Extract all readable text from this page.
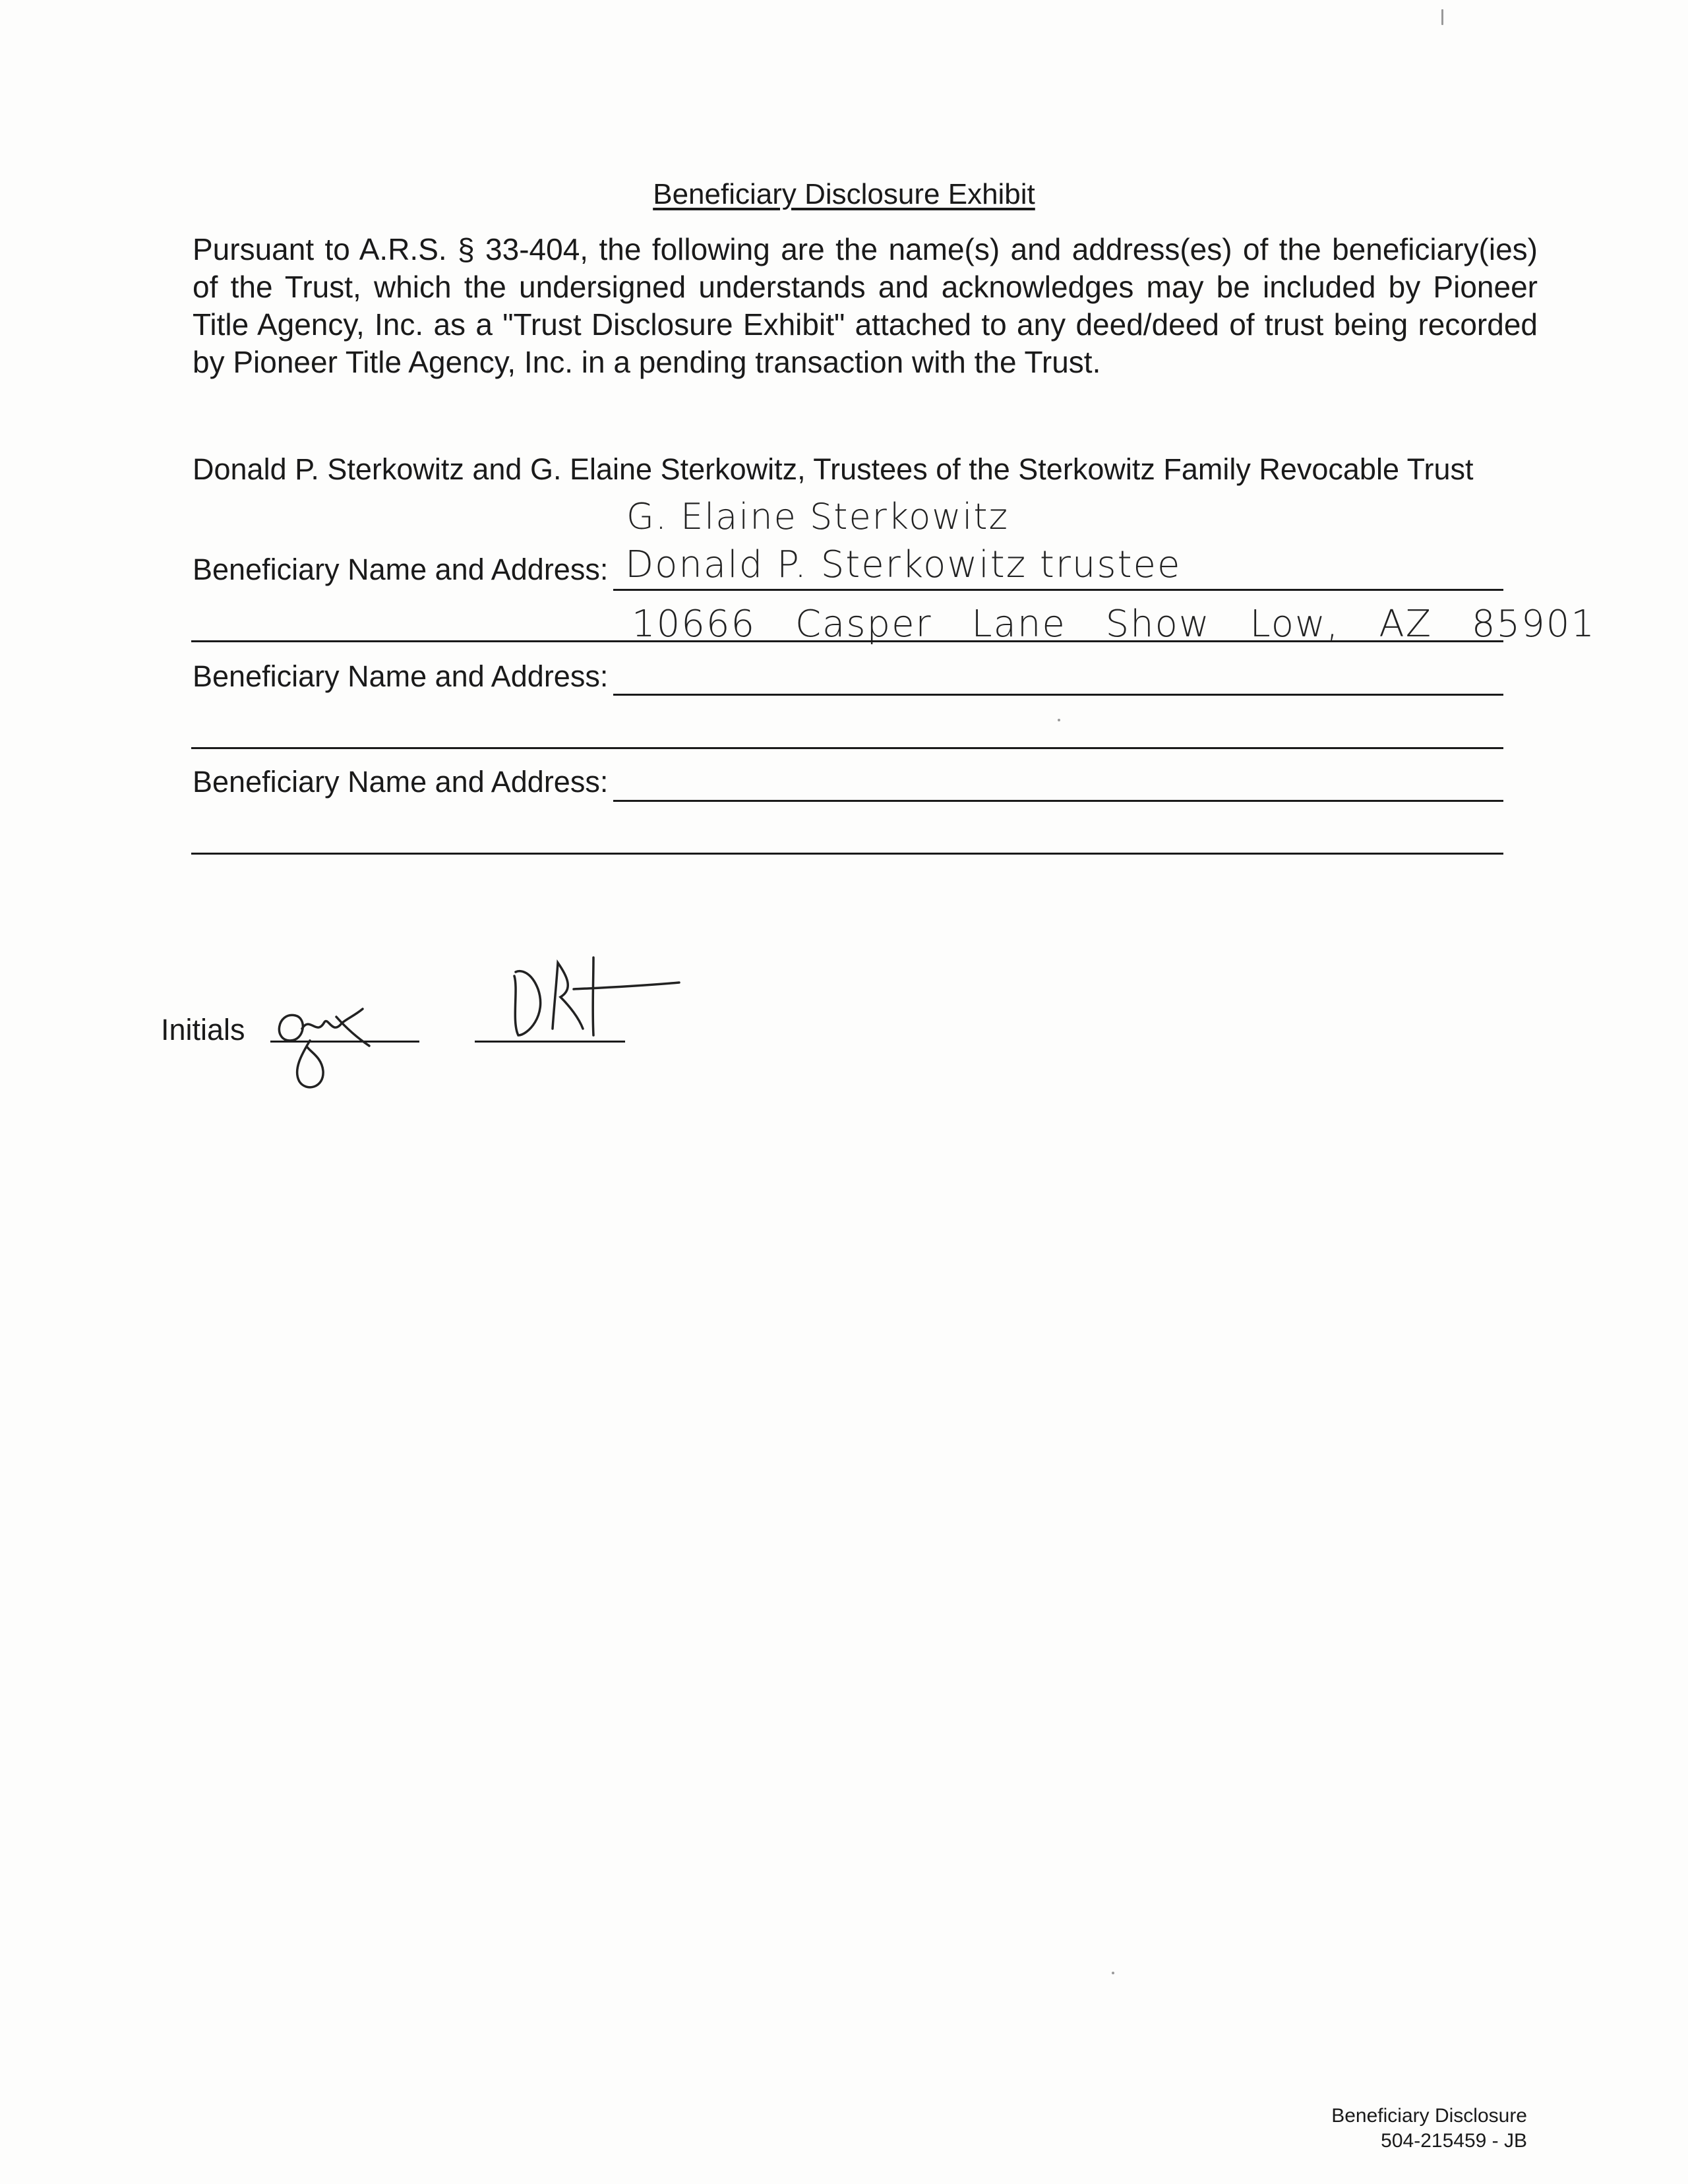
Beneficiary Disclosure Exhibit
Pursuant to A.R.S. § 33-404, the following are the name(s) and address(es) of the beneficiary(ies) of the Trust, which the undersigned understands and acknowledges may be included by Pioneer Title Agency, Inc. as a "Trust Disclosure Exhibit" attached to any deed/deed of trust being recorded by Pioneer Title Agency, Inc. in a pending transaction with the Trust.
Donald P. Sterkowitz and G. Elaine Sterkowitz, Trustees of the Sterkowitz Family Revocable Trust
G. Elaine Sterkowitz
Beneficiary Name and Address: Donald P. Sterkowitz trustee
10666 Casper Lane Show Low, AZ 85901
Beneficiary Name and Address:
Beneficiary Name and Address:
Initials
Beneficiary Disclosure
504-215459 - JB
